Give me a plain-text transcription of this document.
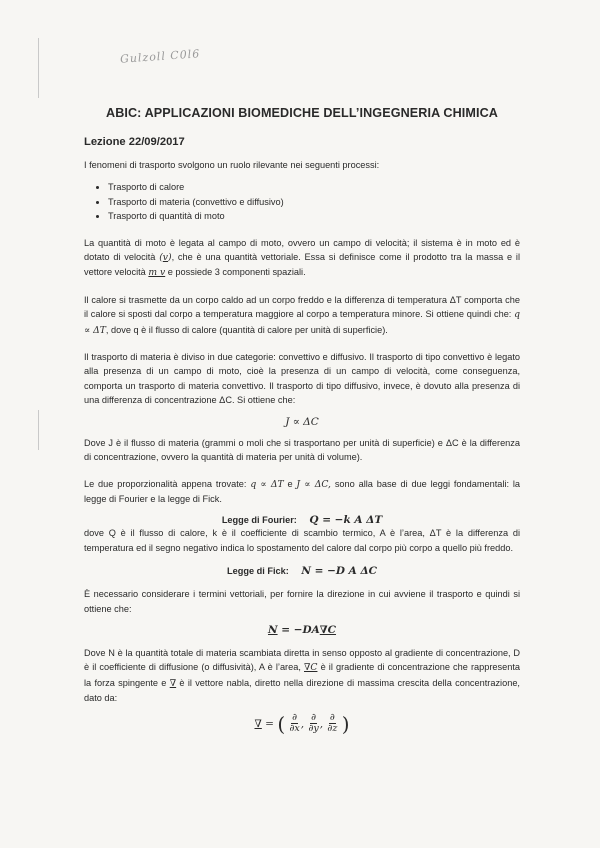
Gulzoll C0l6
ABIC: APPLICAZIONI BIOMEDICHE DELL’INGEGNERIA CHIMICA
Lezione 22/09/2017

I fenomeni di trasporto svolgono un ruolo rilevante nei seguenti processi:

• Trasporto di calore
• Trasporto di materia (convettivo e diffusivo)
• Trasporto di quantità di moto

La quantità di moto è legata al campo di moto, ovvero un campo di velocità; il sistema è in moto ed è dotato di velocità (v), che è una quantità vettoriale. Essa si definisce come il prodotto tra la massa e il vettore velocità m v e possiede 3 componenti spaziali.

Il calore si trasmette da un corpo caldo ad un corpo freddo e la differenza di temperatura ΔT comporta che il calore si sposti dal corpo a temperatura maggiore al corpo a temperatura minore. Si ottiene quindi che: q ∝ ΔT, dove q è il flusso di calore (quantità di calore per unità di superficie).

Il trasporto di materia è diviso in due categorie: convettivo e diffusivo. Il trasporto di tipo convettivo è legato alla presenza di un campo di moto, cioè la presenza di un campo di velocità, come conseguenza, comporta un trasporto di materia convettivo. Il trasporto di tipo diffusivo, invece, è dovuto alla presenza di una differenza di concentrazione ΔC. Si ottiene che:

J ∝ ΔC

Dove J è il flusso di materia (grammi o moli che si trasportano per unità di superficie) e ΔC è la differenza di concentrazione, ovvero la quantità di materia per unità di volume).

Le due proporzionalità appena trovate: q ∝ ΔT e J ∝ ΔC, sono alla base di due leggi fondamentali: la legge di Fourier e la legge di Fick.

Legge di Fourier: Q = −k A ΔT

dove Q è il flusso di calore, k è il coefficiente di scambio termico, A è l’area, ΔT è la differenza di temperatura ed il segno negativo indica lo spostamento del calore dal corpo più corpo a quello più freddo.

Legge di Fick: N = −D A ΔC

È necessario considerare i termini vettoriali, per fornire la direzione in cui avviene il trasporto e quindi si ottiene che:

N = −DA∇C

Dove N è la quantità totale di materia scambiata diretta in senso opposto al gradiente di concentrazione, D è il coefficiente di diffusione (o diffusività), A è l’area, ∇C è il gradiente di concentrazione che rappresenta la forza spingente e ∇ è il vettore nabla, diretto nella direzione di massima crescita della concentrazione, dato da:

∇ = ( $\frac{\partial}{\partial x}$ , $\frac{\partial}{\partial y}$ , $\frac{\partial}{\partial z}$ )
